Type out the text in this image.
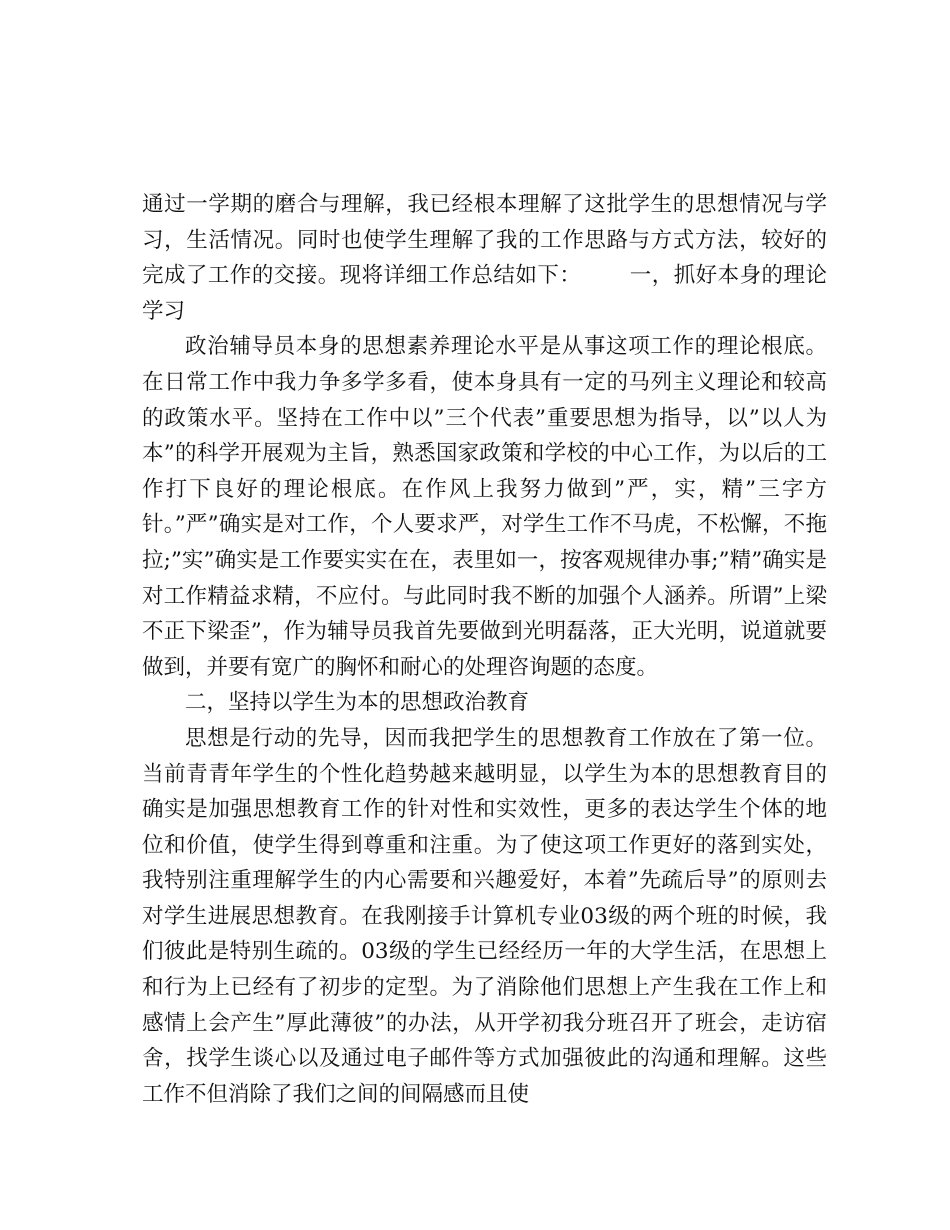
通过一学期的磨合与理解，我已经根本理解了这批学生的思想情况与学习，生活情况。同时也使学生理解了我的工作思路与方式方法，较好的完成了工作的交接。现将详细工作总结如下： 一，抓好本身的理论学习

政治辅导员本身的思想素养理论水平是从事这项工作的理论根底。在日常工作中我力争多学多看，使本身具有一定的马列主义理论和较高的政策水平。坚持在工作中以”三个代表”重要思想为指导，以”以人为本”的科学开展观为主旨，熟悉国家政策和学校的中心工作，为以后的工作打下良好的理论根底。在作风上我努力做到”严，实，精”三字方针。”严”确实是对工作，个人要求严，对学生工作不马虎，不松懈，不拖拉;”实”确实是工作要实实在在，表里如一，按客观规律办事;”精”确实是对工作精益求精，不应付。与此同时我不断的加强个人涵养。所谓”上梁不正下梁歪”，作为辅导员我首先要做到光明磊落，正大光明，说道就要做到，并要有宽广的胸怀和耐心的处理咨询题的态度。

二，坚持以学生为本的思想政治教育

思想是行动的先导，因而我把学生的思想教育工作放在了第一位。当前青青年学生的个性化趋势越来越明显，以学生为本的思想教育目的确实是加强思想教育工作的针对性和实效性，更多的表达学生个体的地位和价值，使学生得到尊重和注重。为了使这项工作更好的落到实处，我特别注重理解学生的内心需要和兴趣爱好，本着”先疏后导”的原则去对学生进展思想教育。在我刚接手计算机专业03级的两个班的时候，我们彼此是特别生疏的。03级的学生已经经历一年的大学生活，在思想上和行为上已经有了初步的定型。为了消除他们思想上产生我在工作上和感情上会产生”厚此薄彼”的办法，从开学初我分班召开了班会，走访宿舍，找学生谈心以及通过电子邮件等方式加强彼此的沟通和理解。这些工作不但消除了我们之间的间隔感而且使
